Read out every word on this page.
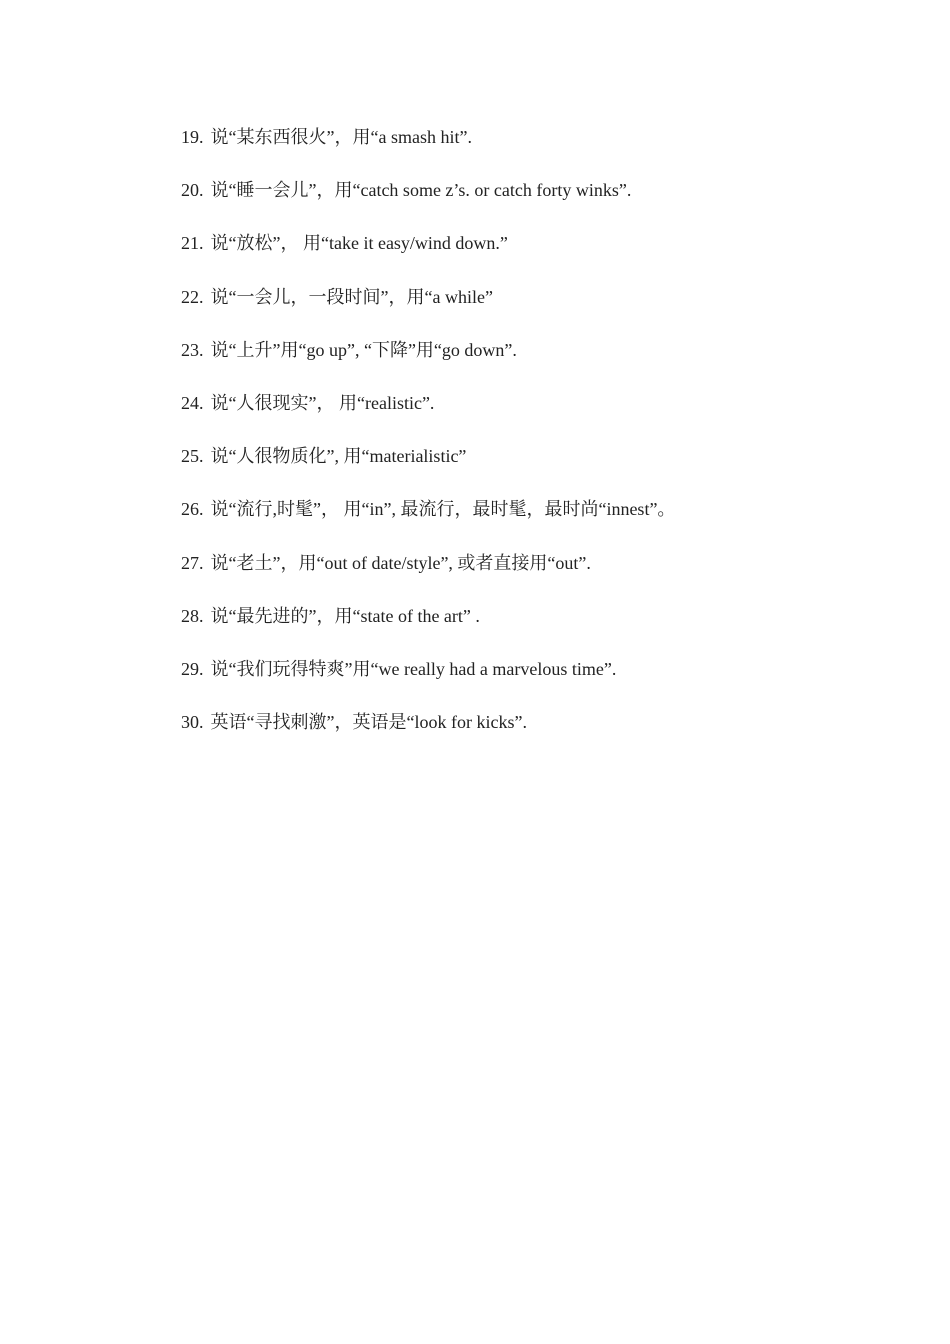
19. 说“某东西很火”，用“a smash hit”.
20. 说“睡一会儿”，用“catch some z’s. or catch forty winks”.
21. 说“放松”， 用“take it easy/wind down.”
22. 说“一会儿，一段时间”，用“a while”
23. 说“上升”用“go up”, “下降”用“go down”.
24. 说“人很现实”， 用“realistic”.
25. 说“人很物质化”, 用“materialistic”
26. 说“流行,时髦”， 用“in”, 最流行，最时髦，最时尚“innest”。
27. 说“老土”，用“out of date/style”, 或者直接用“out”.
28. 说“最先进的”，用“state of the art” .
29. 说“我们玩得特爽”用“we really had a marvelous time”.
30. 英语“寻找刺激”，英语是“look for kicks”.
